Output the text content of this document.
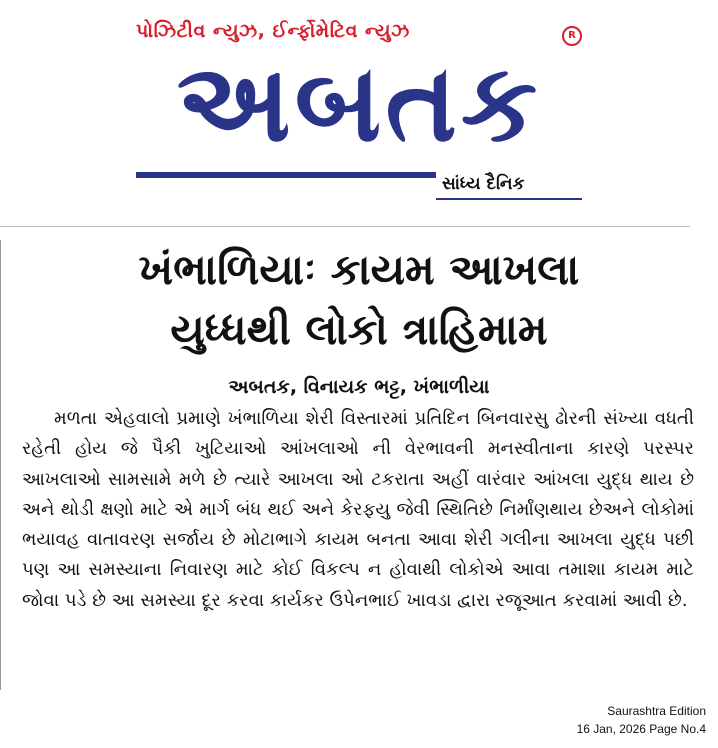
પોઝિટીવ ન્યુઝ, ઈર્ન્ફોમેટિવ ન્યુઝ	R
અબતક
સાંધ્ય દૈનિક
ખંભાળિયાઃ કાયમ આખલા
યુધ્ધથી લોકો ત્રાહિમામ
અબતક, વિનાયક ભટ્ટ, ખંભાળીયા
મળતા એહવાલો પ્રમાણે ખંભાળિયા શેરી વિસ્તારમાં પ્રતિદિન બિનવારસુ ઢોરની સંખ્યા વધતી રહેતી હોય જે પૈકી ખુટિયાઓ આંખલાઓ ની વેરભાવની મનસ્વીતાના કારણે પરસ્પર આખલાઓ સામસામે મળે છે ત્યારે આખલા ઓ ટકરાતા અહીં વારંવાર આંખલા યુદ્ધ થાય છે અને થોડી ક્ષણો માટે એ માર્ગ બંધ થઈ અને કેરફયુ જેવી સ્થિતિછે નિર્માંણથાય છેઅને લોકોમાં ભયાવહ વાતાવરણ સર્જાય છે મોટાભાગે કાયમ બનતા આવા શેરી ગલીના આખલા યુદ્ધ પછી પણ આ સમસ્યાના નિવારણ માટે કોઈ વિકલ્પ ન હોવાથી લોકોએ આવા તમાશા કાયમ માટે જોવા પડે છે આ સમસ્યા દૂર કરવા કાર્યકર ઉપેનભાઈ ખાવડા દ્વારા રજૂઆત કરવામાં આવી છે.
Saurashtra Edition
16 Jan, 2026 Page No.4
